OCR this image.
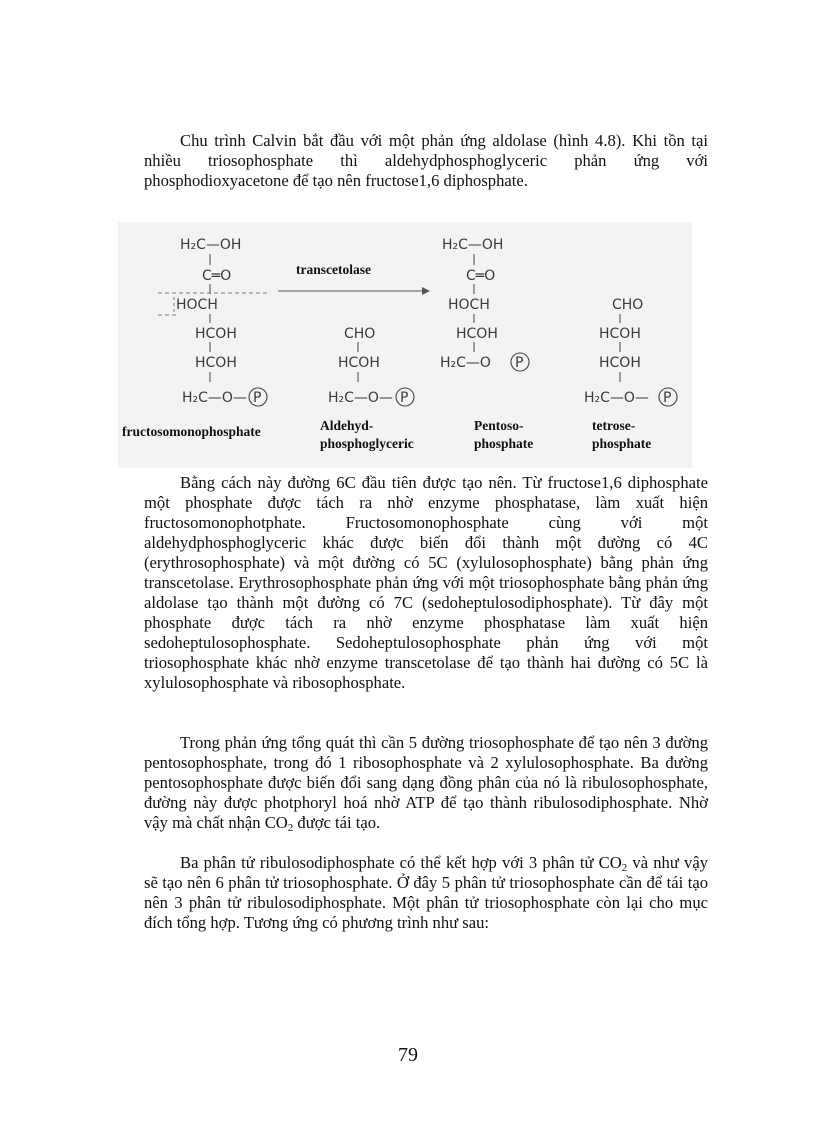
Chu trình Calvin bắt đầu với một phản ứng aldolase (hình 4.8). Khi tồn tại nhiều triosophosphate thì aldehydphosphoglyceric phản ứng với phosphodioxyacetone để tạo nên fructose1,6 diphosphate.

H₂C—OH
C═O
HOCH
HCOH
HCOH
H₂C—O— P
transcetolase
CHO
HCOH
H₂C—O— P
H₂C—OH
C═O
HOCH
HCOH
H₂C—O P
CHO
HCOH
HCOH
H₂C—O— P
fructosomonophosphate	Aldehyd-
phosphoglyceric
Pentoso-
phosphate
tetrose-
phosphate

Bằng cách này đường 6C đầu tiên được tạo nên. Từ fructose1,6 diphosphate một phosphate được tách ra nhờ enzyme phosphatase, làm xuất hiện fructosomonophotphate. Fructosomonophosphate cùng với một aldehydphosphoglyceric khác được biến đổi thành một đường có 4C (erythrosophosphate) và một đường có 5C (xylulosophosphate) bằng phản ứng transcetolase. Erythrosophosphate phản ứng với một triosophosphate bằng phản ứng aldolase tạo thành một đường có 7C (sedoheptulosodiphosphate). Từ đây một phosphate được tách ra nhờ enzyme phosphatase làm xuất hiện sedoheptulosophosphate. Sedoheptulosophosphate phản ứng với một triosophosphate khác nhờ enzyme transcetolase để tạo thành hai đường có 5C là xylulosophosphate và ribosophosphate.

Trong phản ứng tổng quát thì cần 5 đường triosophosphate để tạo nên 3 đường pentosophosphate, trong đó 1 ribosophosphate và 2 xylulosophosphate. Ba đường pentosophosphate được biến đổi sang dạng đồng phân của nó là ribulosophosphate, đường này được photphoryl hoá nhờ ATP để tạo thành ribulosodiphosphate. Nhờ vậy mà chất nhận $CO_2$ được tái tạo.

Ba phân tử ribulosodiphosphate có thể kết hợp với 3 phân tử $CO_2$ và như vậy sẽ tạo nên 6 phân tử triosophosphate. Ở đây 5 phân tử triosophosphate cần để tái tạo nên 3 phân tử ribulosodiphosphate. Một phân tử triosophosphate còn lại cho mục đích tổng hợp. Tương ứng có phương trình như sau:

79
